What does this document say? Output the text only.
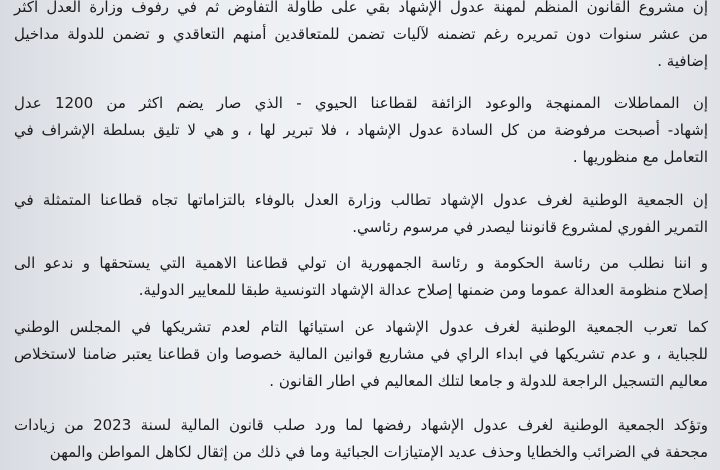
إن مشروع القانون المنظم لمهنة عدول الإشهاد بقي على طاولة التفاوض ثم في رفوف وزارة العدل اكثر من عشر سنوات دون تمريره رغم تضمنه لآليات تضمن للمتعاقدين أمنهم التعاقدي و تضمن للدولة مداخيل إضافية .
إن المماطلات الممنهجة والوعود الزائفة لقطاعنا الحيوي - الذي صار يضم اكثر من 1200 عدل إشهاد- أصبحت مرفوضة من كل السادة عدول الإشهاد ، فلا تبرير لها ، و هي لا تليق بسلطة الإشراف في التعامل مع منظوريها .
إن الجمعية الوطنية لغرف عدول الإشهاد تطالب وزارة العدل بالوفاء بالتزاماتها تجاه قطاعنا المتمثلة في التمرير الفوري لمشروع قانوننا ليصدر في مرسوم رئاسي.
و اننا نطلب من رئاسة الحكومة و رئاسة الجمهورية ان تولي قطاعنا الاهمية التي يستحقها و ندعو الى إصلاح منظومة العدالة عموما ومن ضمنها إصلاح عدالة الإشهاد التونسية طبقا للمعايير الدولية.
كما تعرب الجمعية الوطنية لغرف عدول الإشهاد عن استيائها التام لعدم تشريكها في المجلس الوطني للجباية ، و عدم تشريكها في ابداء الراي في مشاريع قوانين المالية خصوصا وان قطاعنا يعتبر ضامنا لاستخلاص معاليم التسجيل الراجعة للدولة و جامعا لتلك المعاليم في اطار القانون .
وتؤكد الجمعية الوطنية لغرف عدول الإشهاد رفضها لما ورد صلب قانون المالية لسنة 2023 من زيادات مجحفة في الضرائب والخطايا وحذف عديد الإمتيازات الجبائية وما في ذلك من إثقال لكاهل المواطن والمهن
